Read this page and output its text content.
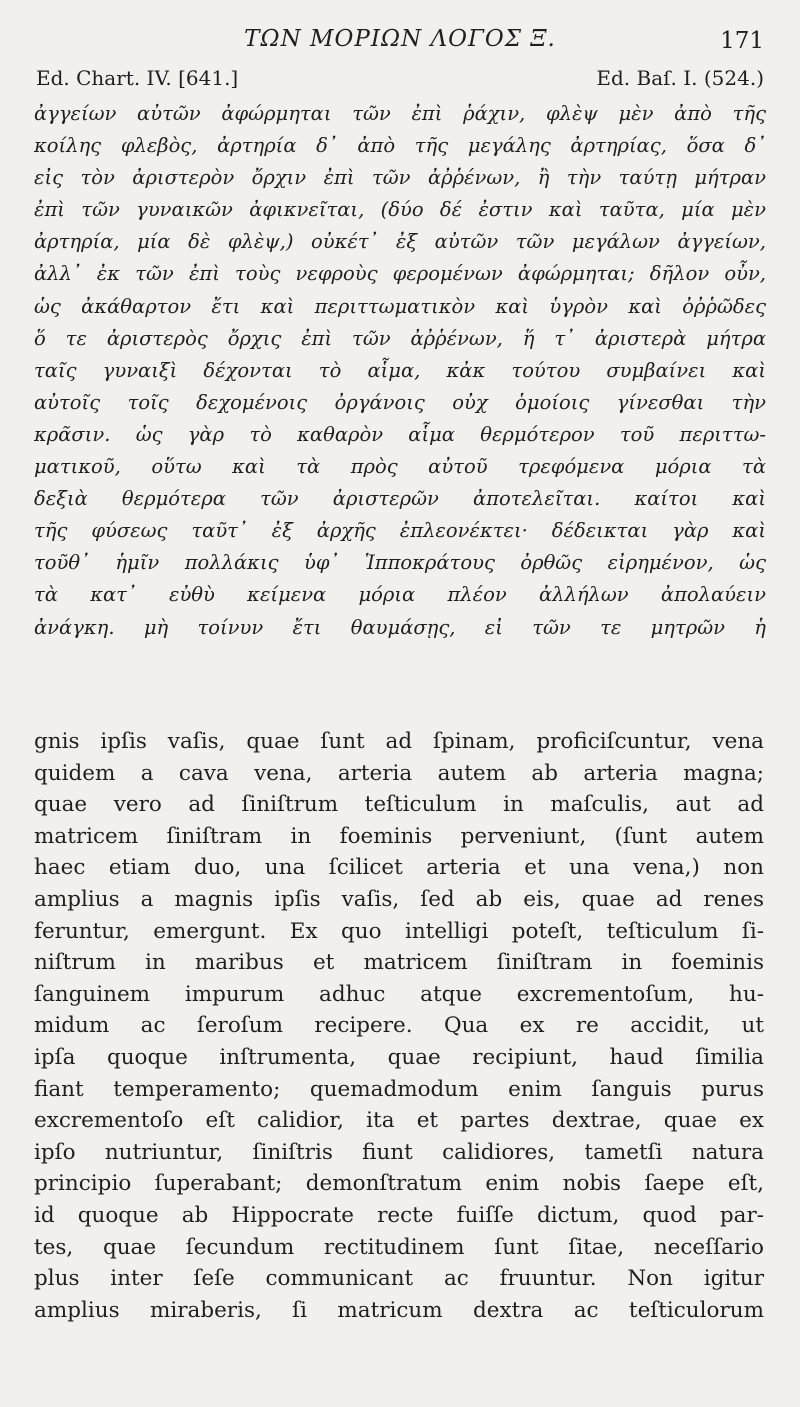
ΤΩΝ ΜΟΡΙΩΝ ΛΟΓΟΣ Ξ.	171
Ed. Chart. IV. [641.]	Ed. Baſ. I. (524.)
ἀγγείων αὐτῶν ἀφώρμηται τῶν ἐπὶ ῥάχιν, φλὲψ μὲν ἀπὸ τῆς
κοίλης φλεβὸς, ἀρτηρία δ᾽ ἀπὸ τῆς μεγάλης ἀρτηρίας, ὅσα δ᾽
εἰς τὸν ἀριστερὸν ὄρχιν ἐπὶ τῶν ἀῤῥένων, ἢ τὴν ταύτῃ μήτραν
ἐπὶ τῶν γυναικῶν ἀφικνεῖται, (δύο δέ ἐστιν καὶ ταῦτα, μία μὲν
ἀρτηρία, μία δὲ φλὲψ,) οὐκέτ᾽ ἐξ αὐτῶν τῶν μεγάλων ἀγγείων,
ἀλλ᾽ ἐκ τῶν ἐπὶ τοὺς νεφροὺς φερομένων ἀφώρμηται; δῆλον οὖν,
ὡς ἀκάθαρτον ἔτι καὶ περιττωματικὸν καὶ ὑγρὸν καὶ ὀῤῥῶδες
ὅ τε ἀριστερὸς ὄρχις ἐπὶ τῶν ἀῤῥένων, ἥ τ᾽ ἀριστερὰ μήτρα
ταῖς γυναιξὶ δέχονται τὸ αἷμα, κἀκ τούτου συμβαίνει καὶ
αὐτοῖς τοῖς δεχομένοις ὀργάνοις οὐχ ὁμοίοις γίνεσθαι τὴν
κρᾶσιν. ὡς γὰρ τὸ καθαρὸν αἷμα θερμότερον τοῦ περιττω-
ματικοῦ, οὕτω καὶ τὰ πρὸς αὐτοῦ τρεφόμενα μόρια τὰ
δεξιὰ θερμότερα τῶν ἀριστερῶν ἀποτελεῖται. καίτοι καὶ
τῆς φύσεως ταῦτ᾽ ἐξ ἀρχῆς ἐπλεονέκτει· δέδεικται γὰρ καὶ
τοῦθ᾽ ἡμῖν πολλάκις ὑφ᾽ Ἱπποκράτους ὀρθῶς εἰρημένον, ὡς
τὰ κατ᾽ εὐθὺ κείμενα μόρια πλέον ἀλλήλων ἀπολαύειν
ἀνάγκη. μὴ τοίνυν ἔτι θαυμάσῃς, εἰ τῶν τε μητρῶν ἡ
gnis ipſis vaſis, quae ſunt ad ſpinam, proficiſcuntur, vena
quidem a cava vena, arteria autem ab arteria magna;
quae vero ad ſiniſtrum teſticulum in maſculis, aut ad
matricem ſiniſtram in foeminis perveniunt, (ſunt autem
haec etiam duo, una ſcilicet arteria et una vena,) non
amplius a magnis ipſis vaſis, ſed ab eis, quae ad renes
feruntur, emergunt. Ex quo intelligi poteſt, teſticulum ſi-
niſtrum in maribus et matricem ſiniſtram in foeminis
ſanguinem impurum adhuc atque excrementoſum, hu-
midum ac ſeroſum recipere. Qua ex re accidit, ut
ipſa quoque inſtrumenta, quae recipiunt, haud ſimilia
fiant temperamento; quemadmodum enim ſanguis purus
excrementoſo eſt calidior, ita et partes dextrae, quae ex
ipſo nutriuntur, ſiniſtris fiunt calidiores, tametſi natura
principio ſuperabant; demonſtratum enim nobis ſaepe eſt,
id quoque ab Hippocrate recte fuiſſe dictum, quod par-
tes, quae ſecundum rectitudinem ſunt ſitae, neceſſario
plus inter ſeſe communicant ac fruuntur. Non igitur
amplius miraberis, ſi matricum dextra ac teſticulorum
